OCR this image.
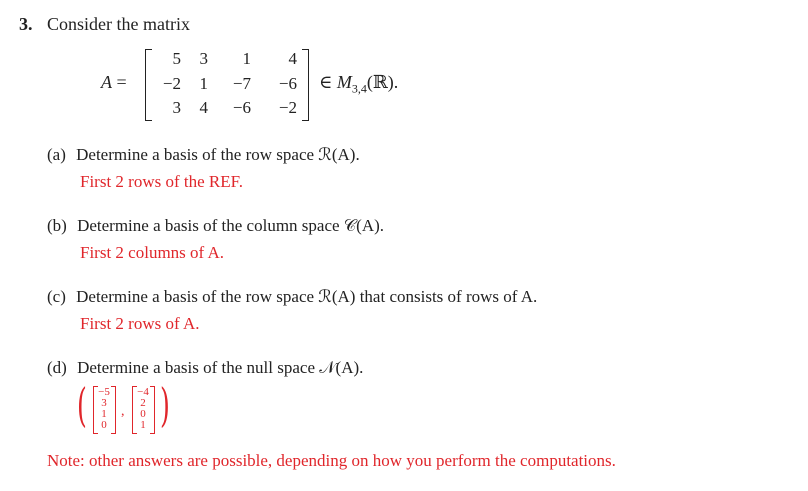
3. Consider the matrix
A =
5	3	1	4
−2	1	−7	−6
3	4	−6	−2
∈ $M_{3,4}(ℝ)$.
(a) Determine a basis of the row space ℛ(A).
First 2 rows of the REF.
(b) Determine a basis of the column space 𝒞(A).
First 2 columns of A.
(c) Determine a basis of the row space ℛ(A) that consists of rows of A.
First 2 rows of A.
(d) Determine a basis of the null space 𝒩(A).
( −5
3
1
0
,
−4
2
0
1 )
Note: other answers are possible, depending on how you perform the computations.
